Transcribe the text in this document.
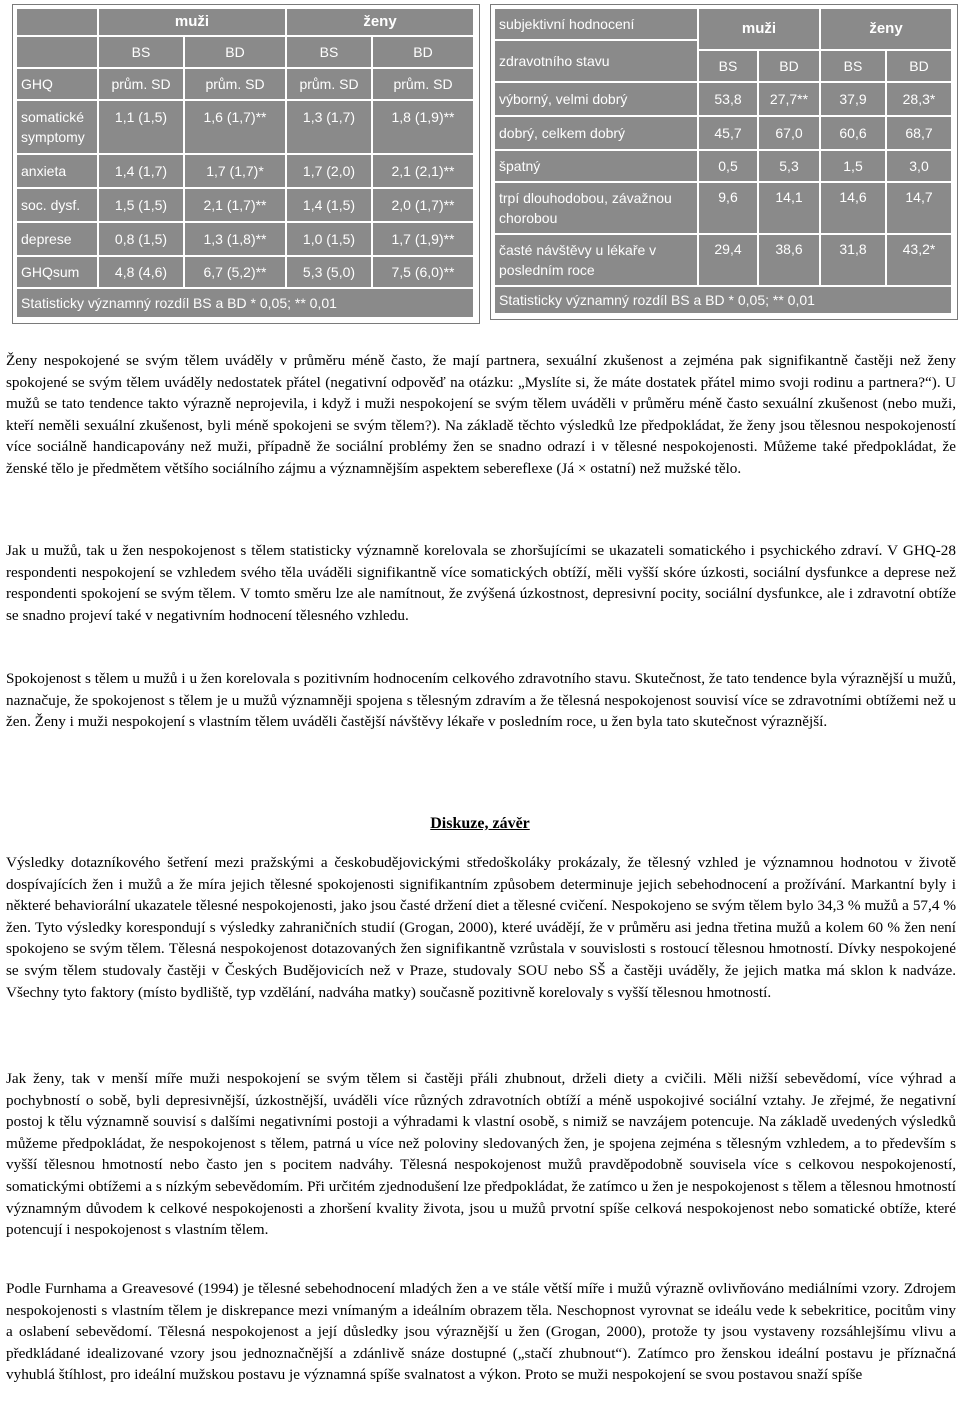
muži	ženy
BS	BD	BS	BD
GHQ	prům. SD	prům. SD	prům. SD	prům. SD
somatické symptomy
1,1 (1,5)	1,6 (1,7)**	1,3 (1,7)	1,8 (1,9)**
anxieta	1,4 (1,7)	1,7 (1,7)*	1,7 (2,0)	2,1 (2,1)**
soc. dysf.	1,5 (1,5)	2,1 (1,7)**	1,4 (1,5)	2,0 (1,7)**
deprese	0,8 (1,5)	1,3 (1,8)**	1,0 (1,5)	1,7 (1,9)**
GHQsum	4,8 (4,6)	6,7 (5,2)**	5,3 (5,0)	7,5 (6,0)**
Statisticky významný rozdíl BS a BD * 0,05; ** 0,01
subjektivní hodnocení
zdravotního stavu
muži	ženy
BS	BD	BS	BD
výborný, velmi dobrý	53,8	27,7**	37,9	28,3*
dobrý, celkem dobrý	45,7	67,0	60,6	68,7
špatný	0,5	5,3	1,5	3,0
trpí dlouhodobou, závažnou chorobou
9,6	14,1	14,6	14,7
časté návštěvy u lékaře v posledním roce
29,4	38,6	31,8	43,2*
Statisticky významný rozdíl BS a BD * 0,05; ** 0,01

Ženy nespokojené se svým tělem uváděly v průměru méně často, že mají partnera, sexuální zkušenost a zejména pak signifikantně častěji než ženy spokojené se svým tělem uváděly nedostatek přátel (negativní odpověď na otázku: „Myslíte si, že máte dostatek přátel mimo svoji rodinu a partnera?“). U mužů se tato tendence takto výrazně neprojevila, i když i muži nespokojení se svým tělem uváděli v průměru méně často sexuální zkušenost (nebo muži, kteří neměli sexuální zkušenost, byli méně spokojeni se svým tělem?). Na základě těchto výsledků lze předpokládat, že ženy jsou tělesnou nespokojeností více sociálně handicapovány než muži, případně že sociální problémy žen se snadno odrazí i v tělesné nespokojenosti. Můžeme také předpokládat, že ženské tělo je předmětem většího sociálního zájmu a významnějším aspektem sebereflexe (Já × ostatní) než mužské tělo.

Jak u mužů, tak u žen nespokojenost s tělem statisticky významně korelovala se zhoršujícími se ukazateli somatického i psychického zdraví. V GHQ-28 respondenti nespokojení se vzhledem svého těla uváděli signifikantně více somatických obtíží, měli vyšší skóre úzkosti, sociální dysfunkce a deprese než respondenti spokojení se svým tělem. V tomto směru lze ale namítnout, že zvýšená úzkostnost, depresivní pocity, sociální dysfunkce, ale i zdravotní obtíže se snadno projeví také v negativním hodnocení tělesného vzhledu.

Spokojenost s tělem u mužů i u žen korelovala s pozitivním hodnocením celkového zdravotního stavu. Skutečnost, že tato tendence byla výraznější u mužů, naznačuje, že spokojenost s tělem je u mužů významněji spojena s tělesným zdravím a že tělesná nespokojenost souvisí více se zdravotními obtížemi než u žen. Ženy i muži nespokojení s vlastním tělem uváděli častější návštěvy lékaře v posledním roce, u žen byla tato skutečnost výraznější.

Diskuze, závěr

Výsledky dotazníkového šetření mezi pražskými a českobudějovickými středoškoláky prokázaly, že tělesný vzhled je významnou hodnotou v životě dospívajících žen i mužů a že míra jejich tělesné spokojenosti signifikantním způsobem determinuje jejich sebehodnocení a prožívání. Markantní byly i některé behaviorální ukazatele tělesné nespokojenosti, jako jsou časté držení diet a tělesné cvičení. Nespokojeno se svým tělem bylo 34,3 % mužů a 57,4 % žen. Tyto výsledky korespondují s výsledky zahraničních studií (Grogan, 2000), které uvádějí, že v průměru asi jedna třetina mužů a kolem 60 % žen není spokojeno se svým tělem. Tělesná nespokojenost dotazovaných žen signifikantně vzrůstala v souvislosti s rostoucí tělesnou hmotností. Dívky nespokojené se svým tělem studovaly častěji v Českých Budějovicích než v Praze, studovaly SOU nebo SŠ a častěji uváděly, že jejich matka má sklon k nadváze. Všechny tyto faktory (místo bydliště, typ vzdělání, nadváha matky) současně pozitivně korelovaly s vyšší tělesnou hmotností.

Jak ženy, tak v menší míře muži nespokojení se svým tělem si častěji přáli zhubnout, drželi diety a cvičili. Měli nižší sebevědomí, více výhrad a pochybností o sobě, byli depresivnější, úzkostnější, uváděli více různých zdravotních obtíží a méně uspokojivé sociální vztahy. Je zřejmé, že negativní postoj k tělu významně souvisí s dalšími negativními postoji a výhradami k vlastní osobě, s nimiž se navzájem potencuje. Na základě uvedených výsledků můžeme předpokládat, že nespokojenost s tělem, patrná u více než poloviny sledovaných žen, je spojena zejména s tělesným vzhledem, a to především s vyšší tělesnou hmotností nebo často jen s pocitem nadváhy. Tělesná nespokojenost mužů pravděpodobně souvisela více s celkovou nespokojeností, somatickými obtížemi a s nízkým sebevědomím. Při určitém zjednodušení lze předpokládat, že zatímco u žen je nespokojenost s tělem a tělesnou hmotností významným důvodem k celkové nespokojenosti a zhoršení kvality života, jsou u mužů prvotní spíše celková nespokojenost nebo somatické obtíže, které potencují i nespokojenost s vlastním tělem.

Podle Furnhama a Greavesové (1994) je tělesné sebehodnocení mladých žen a ve stále větší míře i mužů výrazně ovlivňováno mediálními vzory. Zdrojem nespokojenosti s vlastním tělem je diskrepance mezi vnímaným a ideálním obrazem těla. Neschopnost vyrovnat se ideálu vede k sebekritice, pocitům viny a oslabení sebevědomí. Tělesná nespokojenost a její důsledky jsou výraznější u žen (Grogan, 2000), protože ty jsou vystaveny rozsáhlejšímu vlivu a předkládané idealizované vzory jsou jednoznačnější a zdánlivě snáze dostupné („stačí zhubnout“). Zatímco pro ženskou ideální postavu je příznačná vyhublá štíhlost, pro ideální mužskou postavu je významná spíše svalnatost a výkon. Proto se muži nespokojení se svou postavou snaží spíše
